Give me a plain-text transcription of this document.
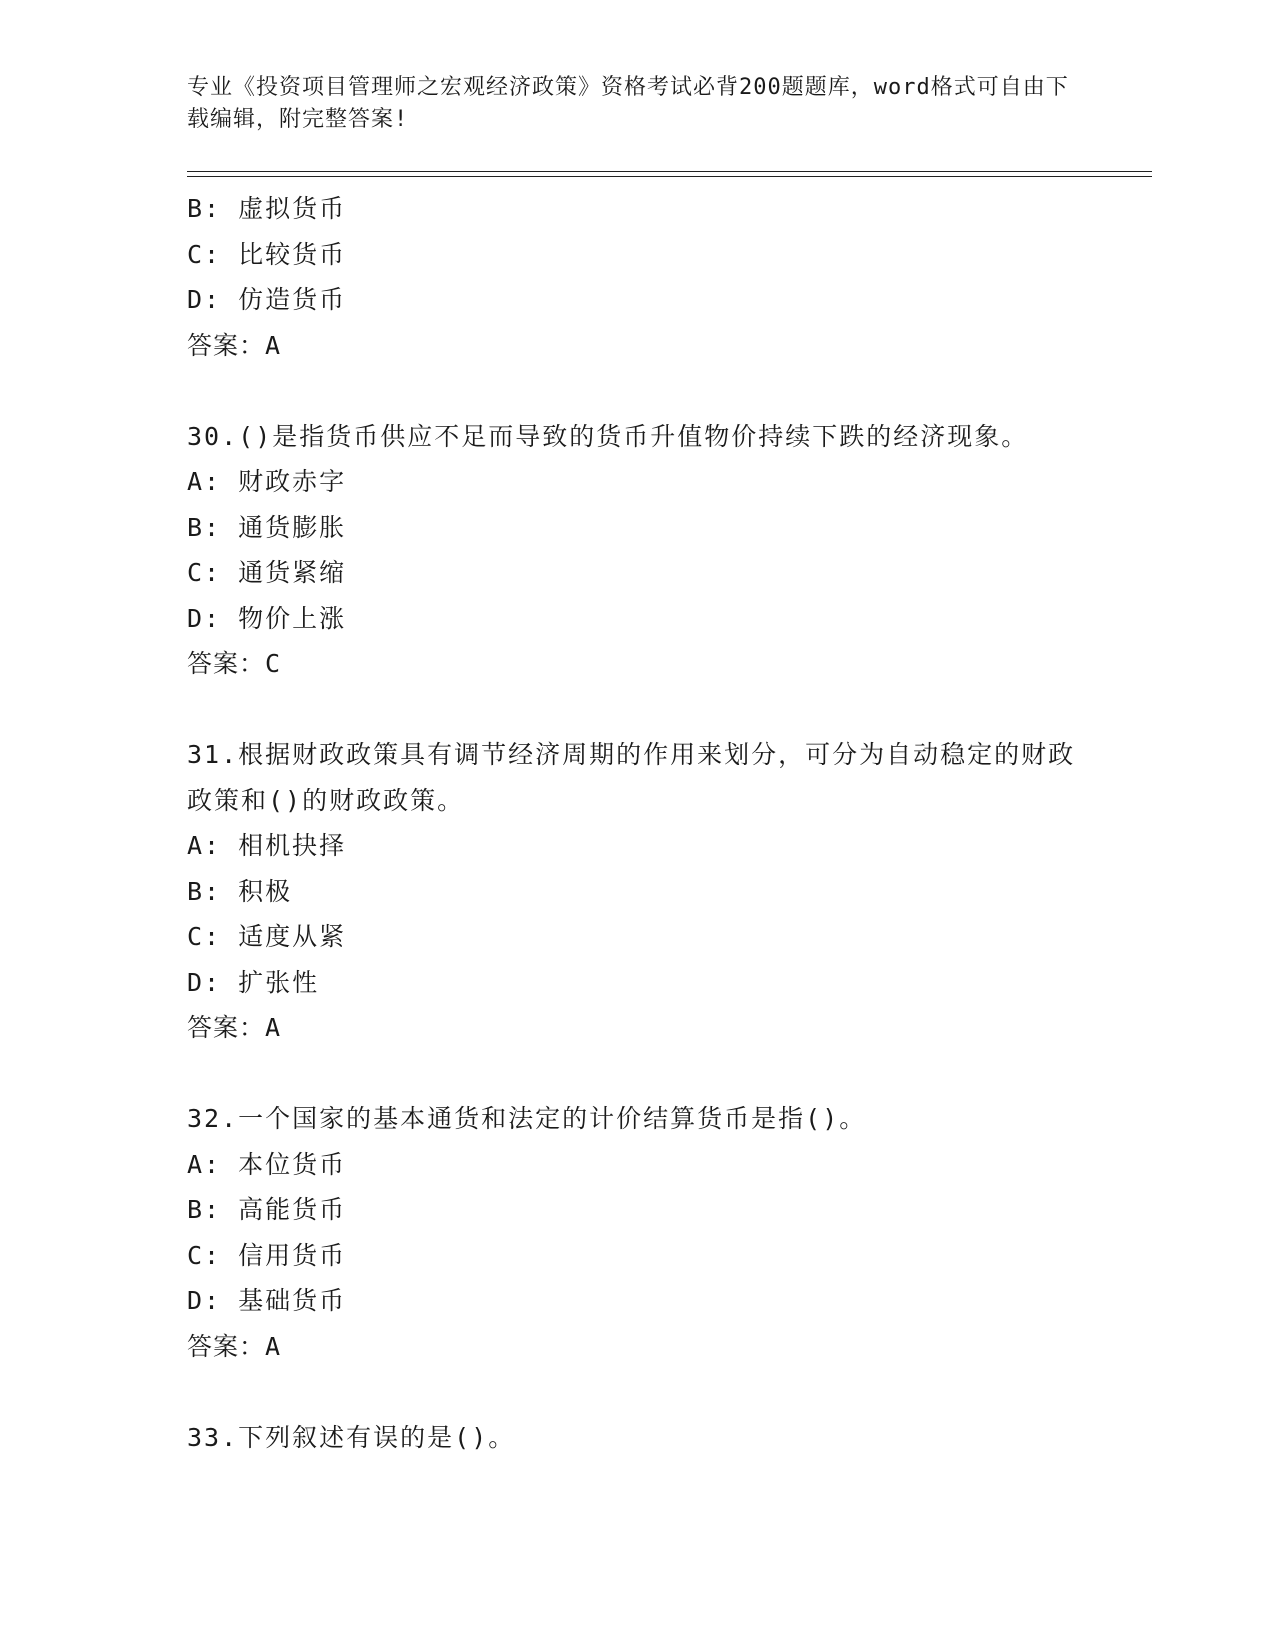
专业《投资项目管理师之宏观经济政策》资格考试必背200题题库，word格式可自由下载编辑，附完整答案!
B: 虚拟货币
C: 比较货币
D: 仿造货币
答案：A
30.()是指货币供应不足而导致的货币升值物价持续下跌的经济现象。
A: 财政赤字
B: 通货膨胀
C: 通货紧缩
D: 物价上涨
答案：C
31.根据财政政策具有调节经济周期的作用来划分，可分为自动稳定的财政政策和()的财政政策。
A: 相机抉择
B: 积极
C: 适度从紧
D: 扩张性
答案：A
32.一个国家的基本通货和法定的计价结算货币是指()。
A: 本位货币
B: 高能货币
C: 信用货币
D: 基础货币
答案：A
33.下列叙述有误的是()。
